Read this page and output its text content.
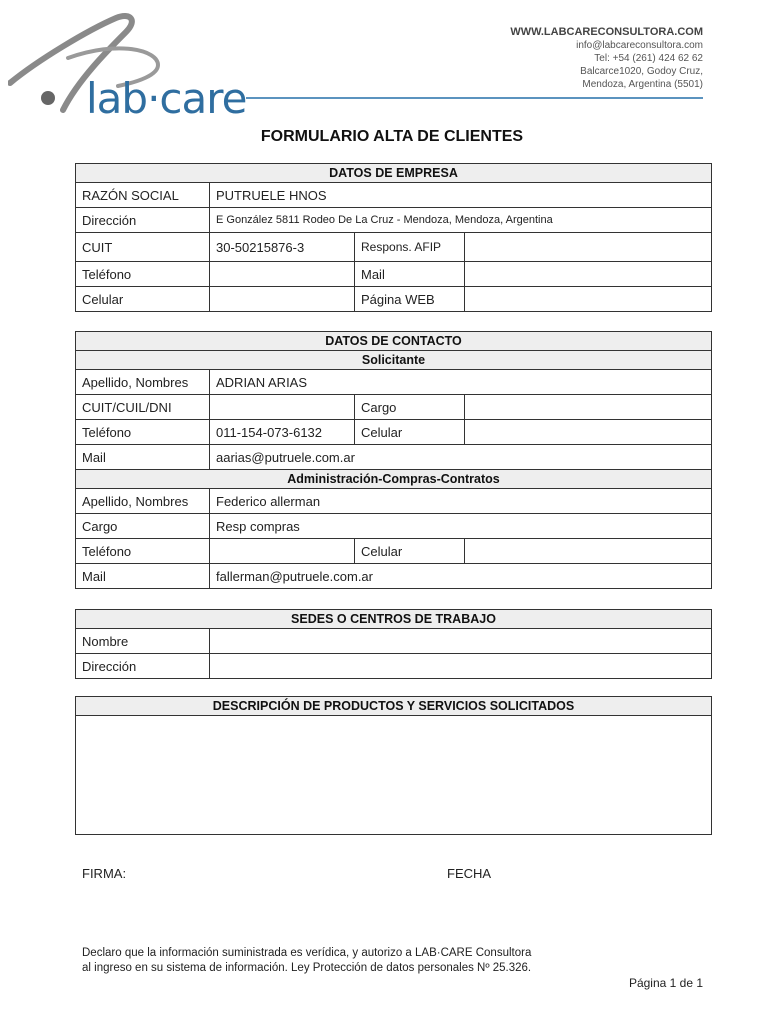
lab·care
WWW.LABCARECONSULTORA.COM
info@labcareconsultora.com
Tel: +54 (261) 424 62 62
Balcarce1020, Godoy Cruz,
Mendoza, Argentina (5501)
FORMULARIO ALTA DE CLIENTES
DATOS DE EMPRESA			
RAZÓN SOCIAL	PUTRUELE HNOS		
Dirección	E González 5811 Rodeo De La Cruz - Mendoza, Mendoza, Argentina		
CUIT	30-50215876-3	Respons. AFIP	
Teléfono		Mail	
Celular		Página WEB	
DATOS DE CONTACTO			
Solicitante			
Apellido, Nombres	ADRIAN ARIAS		
CUIT/CUIL/DNI		Cargo	
Teléfono	011-154-073-6132	Celular	
Mail	aarias@putruele.com.ar		
Administración-Compras-Contratos			
Apellido, Nombres	Federico allerman		
Cargo	Resp compras		
Teléfono		Celular	
Mail	fallerman@putruele.com.ar		
SEDES O CENTROS DE TRABAJO	
Nombre	
Dirección	
DESCRIPCIÓN DE PRODUCTOS Y SERVICIOS SOLICITADOS

FIRMA:	FECHA
Declaro que la información suministrada es verídica, y autorizo a LAB·CARE Consultora
al ingreso en su sistema de información. Ley Protección de datos personales Nº 25.326.
Página 1 de 1
